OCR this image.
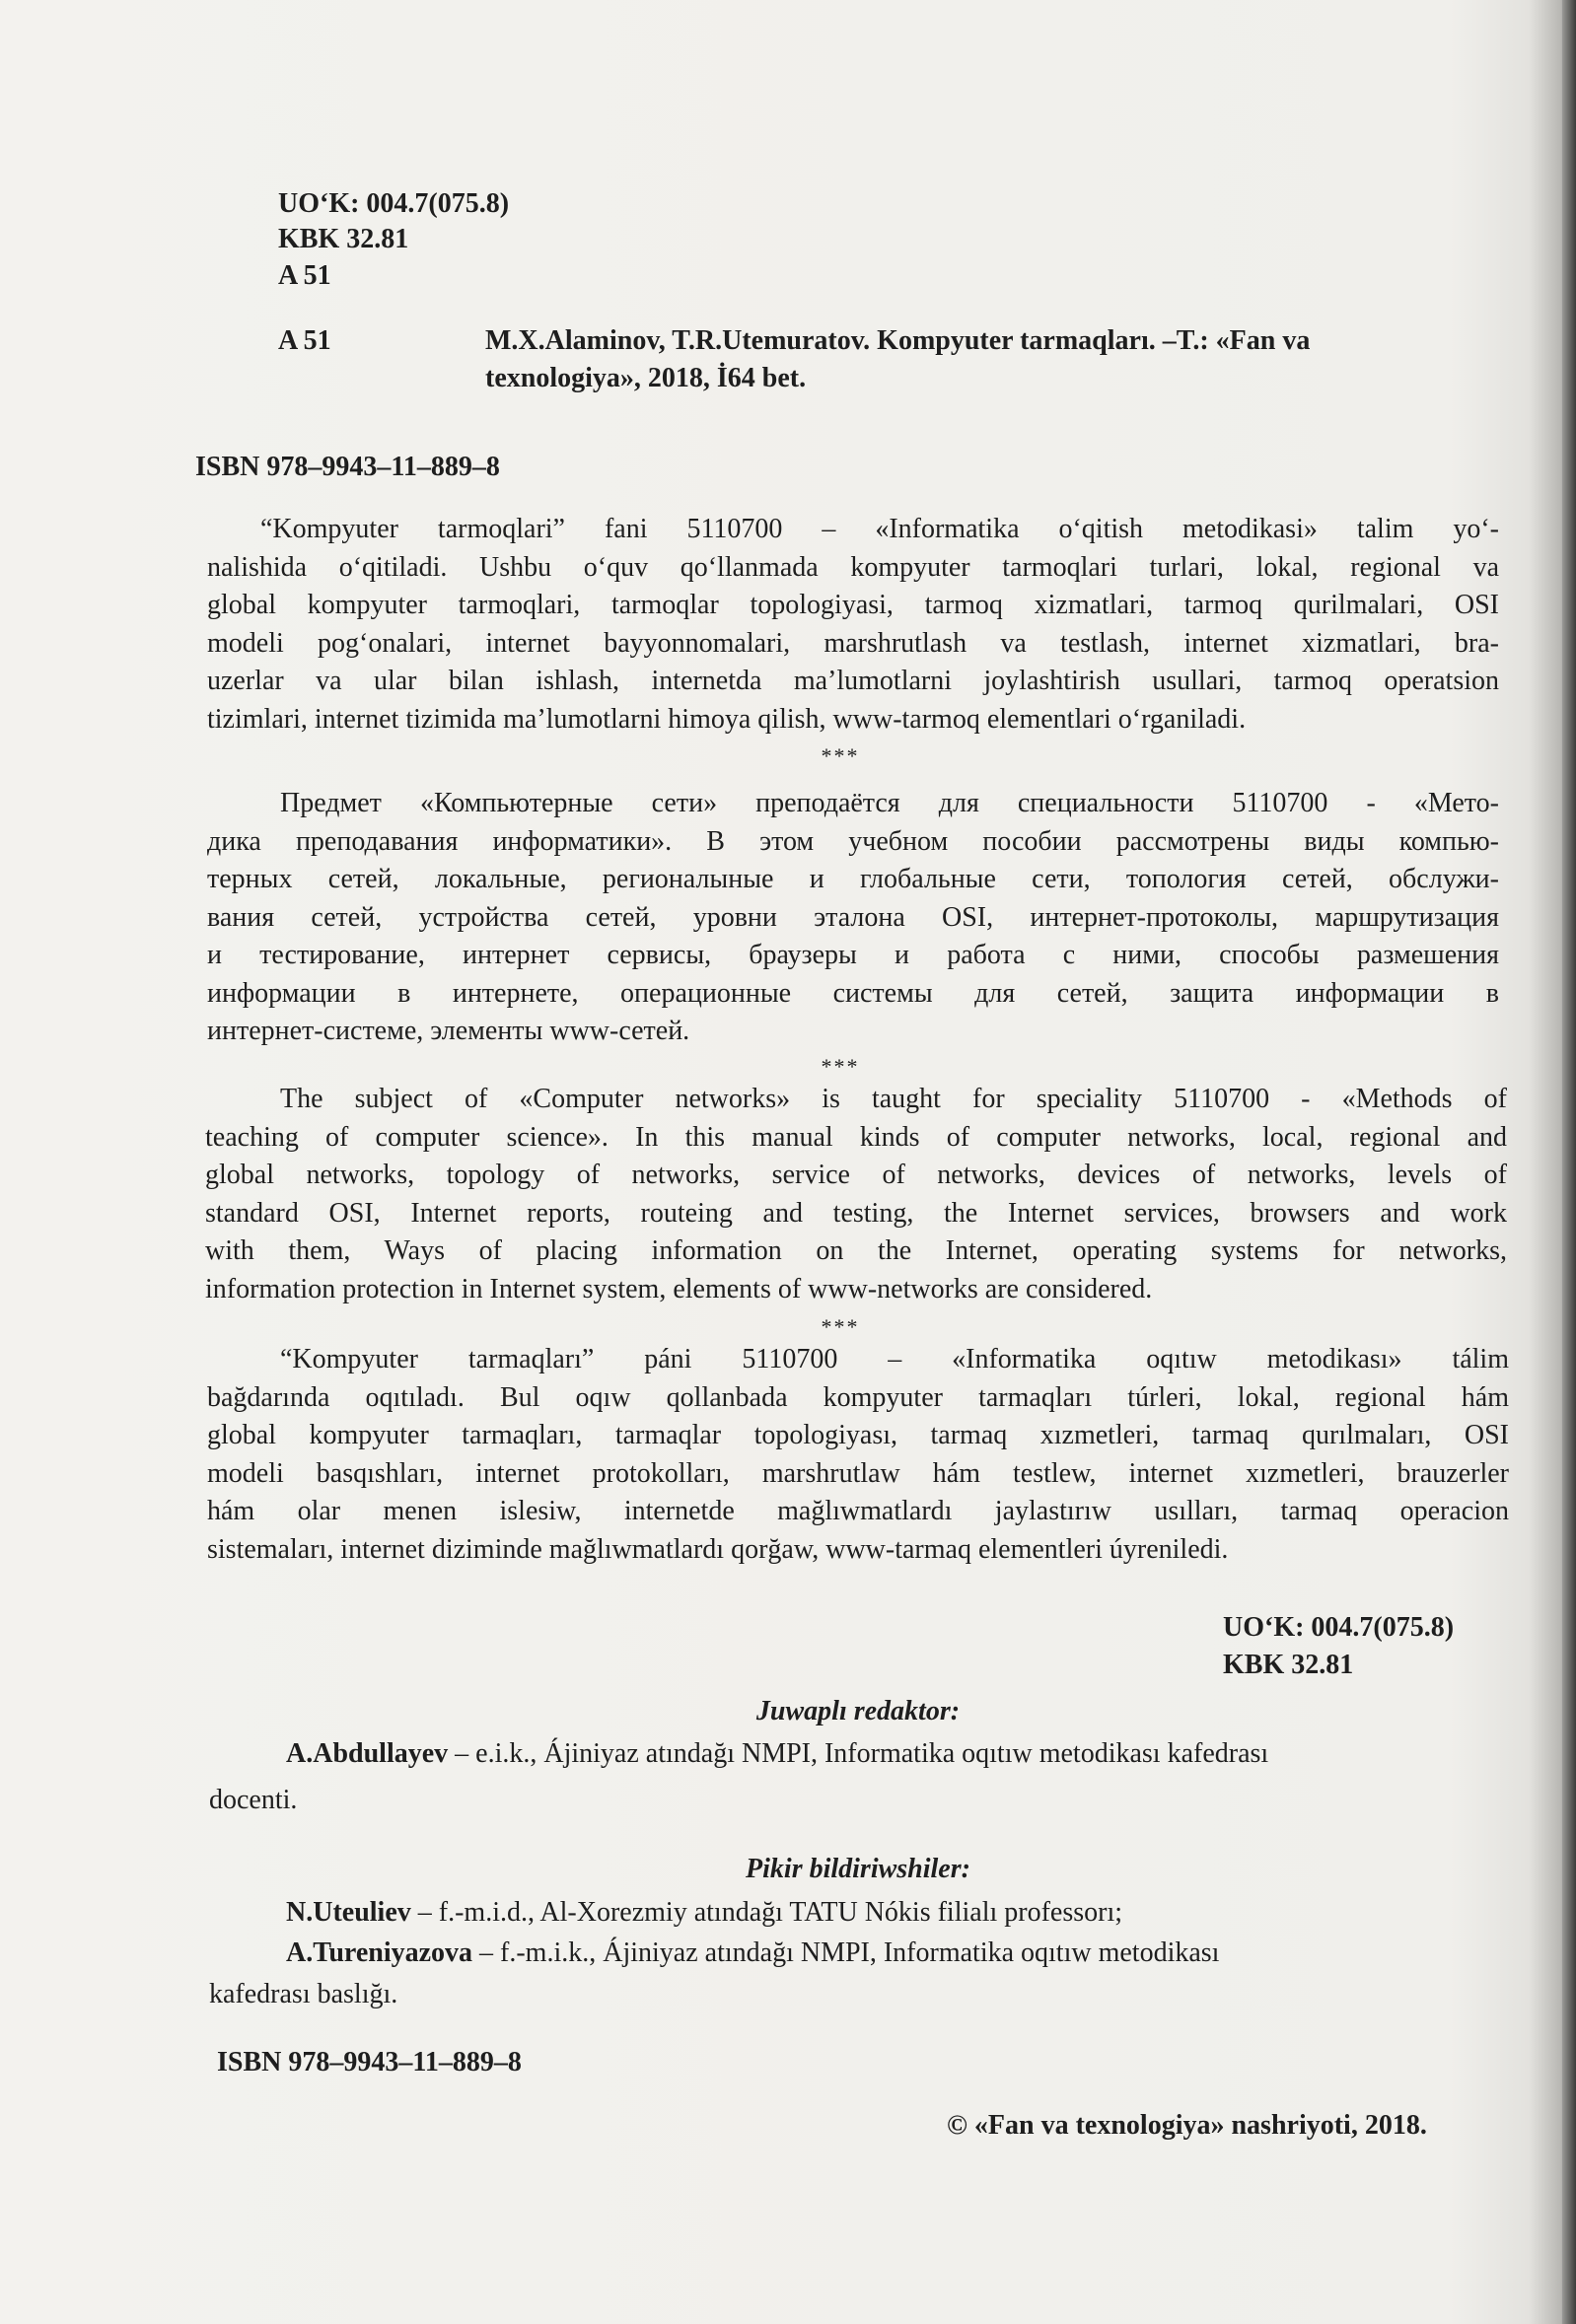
UO‘K: 004.7(075.8)
KBK 32.81
A 51
A 51	M.X.Alaminov, T.R.Utemuratov. Kompyuter tarmaqları. –T.: «Fan va
texnologiya», 2018, İ64 bet.
ISBN 978–9943–11–889–8
“Kompyuter tarmoqlari” fani 5110700 – «Informatika o‘qitish metodikasi» talim yo‘-
nalishida o‘qitiladi. Ushbu o‘quv qo‘llanmada kompyuter tarmoqlari turlari, lokal, regional va
global kompyuter tarmoqlari, tarmoqlar topologiyasi, tarmoq xizmatlari, tarmoq qurilmalari, OSI
modeli pog‘onalari, internet bayyonnomalari, marshrutlash va testlash, internet xizmatlari, bra-
uzerlar va ular bilan ishlash, internetda ma’lumotlarni joylashtirish usullari, tarmoq operatsion
tizimlari, internet tizimida ma’lumotlarni himoya qilish, www-tarmoq elementlari o‘rganiladi.
***
Предмет «Компьютерные сети» преподаётся для специальности 5110700 - «Мето-
дика преподавания информатики». В этом учебном пособии рассмотрены виды компью-
терных сетей, локальные, регионалыные и глобальные сети, топология сетей, обслужи-
вания сетей, устройства сетей, уровни эталона OSI, интернет-протоколы, маршрутизация
и тестирование, интернет сервисы, браузеры и работа с ними, способы размешения
информации в интернете, операционные системы для сетей, защита информации в
интернет-системе, элементы www-сетей.
***
The subject of «Computer networks» is taught for speciality 5110700 - «Methods of
teaching of computer science». In this manual kinds of computer networks, local, regional and
global networks, topology of networks, service of networks, devices of networks, levels of
standard OSI, Internet reports, routeing and testing, the Internet services, browsers and work
with them, Ways of placing information on the Internet, operating systems for networks,
information protection in Internet system, elements of www-networks are considered.
***
“Kompyuter tarmaqları” páni 5110700 – «Informatika oqıtıw metodikası» tálim
bağdarında oqıtıladı. Bul oqıw qollanbada kompyuter tarmaqları túrleri, lokal, regional hám
global kompyuter tarmaqları, tarmaqlar topologiyası, tarmaq xızmetleri, tarmaq qurılmaları, OSI
modeli basqıshları, internet protokolları, marshrutlaw hám testlew, internet xızmetleri, brauzerler
hám olar menen islesiw, internetde mağlıwmatlardı jaylastırıw usılları, tarmaq operacion
sistemaları, internet diziminde mağlıwmatlardı qorğaw, www-tarmaq elementleri úyreniledi.
UO‘K: 004.7(075.8)
KBK 32.81
Juwaplı redaktor:
A.Abdullayev – e.i.k., Ájiniyaz atındağı NMPI, Informatika oqıtıw metodikası kafedrası
docenti.
Pikir bildiriwshiler:
N.Uteuliev – f.-m.i.d., Al-Xorezmiy atındağı TATU Nókis filialı professorı;
A.Tureniyazova – f.-m.i.k., Ájiniyaz atındağı NMPI, Informatika oqıtıw metodikası
kafedrası baslığı.
ISBN 978–9943–11–889–8
© «Fan va texnologiya» nashriyoti, 2018.
